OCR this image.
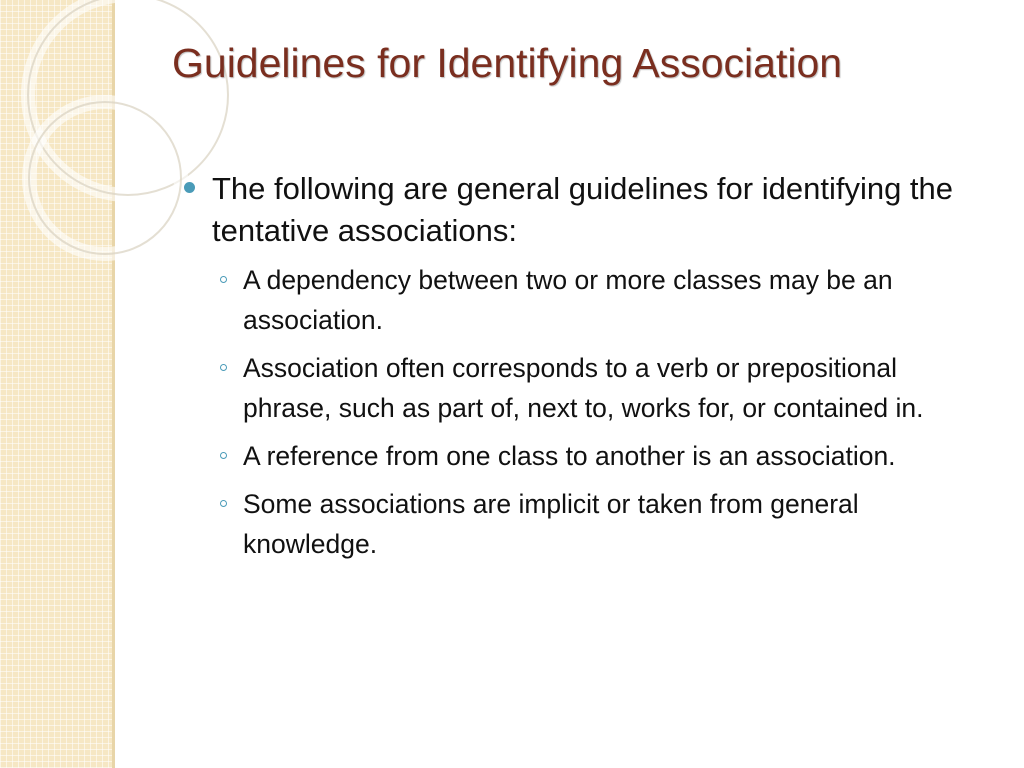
Guidelines for Identifying Association
The following are general guidelines for identifying the tentative associations:
A dependency between two or more classes may be an association.
Association often corresponds to a verb or prepositional phrase, such as part of, next to, works for, or contained in.
A reference from one class to another is an association.
Some associations are implicit or taken from general knowledge.
